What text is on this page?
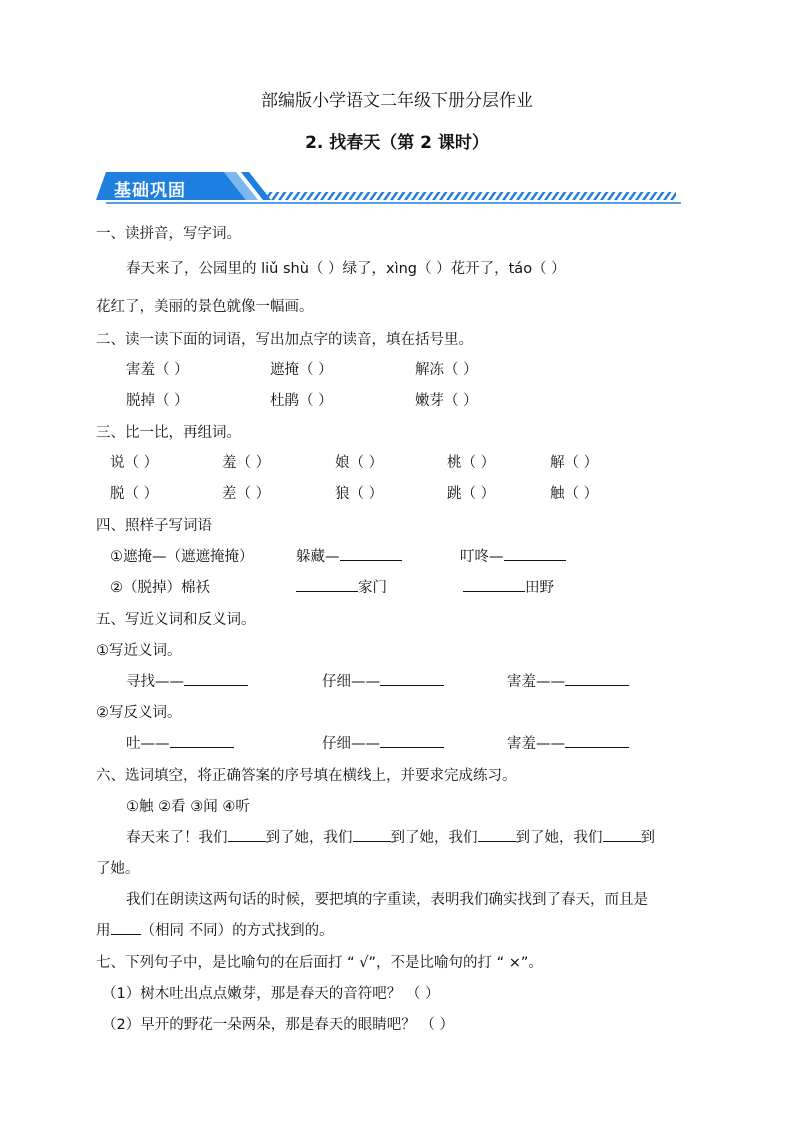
部编版小学语文二年级下册分层作业
2. 找春天（第 2 课时）
基础巩固
一、读拼音，写字词。
春天来了，公园里的 liǔ shù（ ）绿了，xìng（ ）花开了，táo（ ）
花红了，美丽的景色就像一幅画。
二、读一读下面的词语，写出加点字的读音，填在括号里。
害羞（ ）	遮掩（ ）	解冻（ ）
脱掉（ ）	杜鹃（ ）	嫩芽（ ）
三、比一比，再组词。
说（ ）	羞（ ）	娘（ ）	桃（ ）	解（ ）
脱（ ）	差（ ）	狼（ ）	跳（ ）	触（ ）
四、照样子写词语
①遮掩—（遮遮掩掩）	躲藏—	叮咚—
②（脱掉）棉袄	家门	田野
五、写近义词和反义词。
①写近义词。
寻找——	仔细——	害羞——
②写反义词。
吐——	仔细——	害羞——
六、选词填空，将正确答案的序号填在横线上，并要求完成练习。
①触 ②看 ③闻 ④听
春天来了！我们	到了她，我们	到了她，我们	到了她，我们	到
了她。
我们在朗读这两句话的时候，要把填的字重读，表明我们确实找到了春天，而且是
用 （相同 不同）的方式找到的。
七、下列句子中，是比喻句的在后面打 “ √”，不是比喻句的打 “ ×”。
（1）树木吐出点点嫩芽，那是春天的音符吧？ （ ）
（2）早开的野花一朵两朵，那是春天的眼睛吧？ （ ）
